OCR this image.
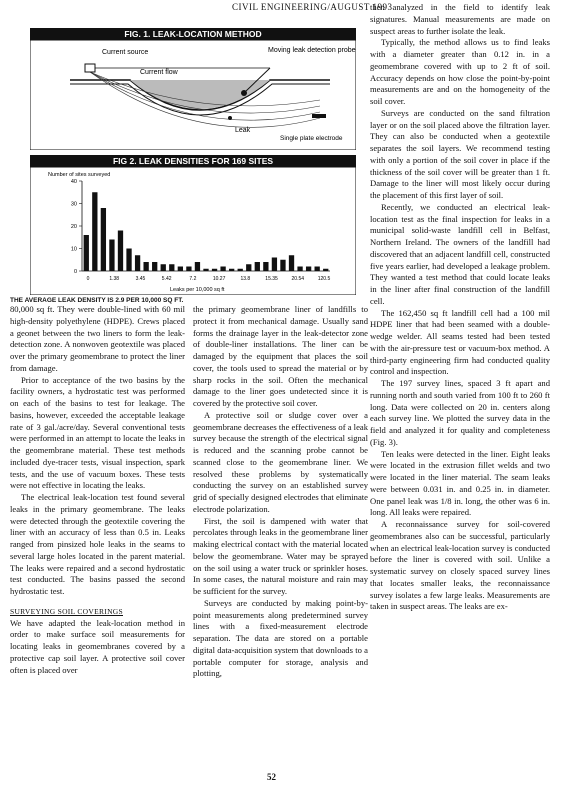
CIVIL ENGINEERING/AUGUST 1993
FIG. 1. LEAK-LOCATION METHOD
Current source
Current flow
Moving leak detection probe
Leak
Single plate electrode
FIG 2. LEAK DENSITIES FOR 169 SITES
Number of sites surveyed
0
10
20
30
40
0	1.38	3.45	5.42	7.2	10.27	13.8	15.35	20.54	120.5
Leaks per 10,000 sq ft
THE AVERAGE LEAK DENSITY IS 2.9 PER 10,000 SQ FT.

80,000 sq ft. They were double-lined with 60 mil high-density polyethylene (HDPE). Crews placed a geonet between the two liners to form the leak-detection zone. A nonwoven geotextile was placed over the primary geomembrane to protect the liner from damage.

Prior to acceptance of the two basins by the facility owners, a hydrostatic test was performed on each of the basins to test for leakage. The basins, however, exceeded the acceptable leakage rate of 3 gal./acre/day. Several conventional tests were performed in an attempt to locate the leaks in the geomembrane material. These test methods included dye-tracer tests, visual inspection, spark tests, and the use of vacuum boxes. These tests were not effective in locating the leaks.

The electrical leak-location test found several leaks in the primary geomembrane. The leaks were detected through the geotextile covering the liner with an accuracy of less than 0.5 in. Leaks ranged from pinsized hole leaks in the seams to several large holes located in the parent material. The leaks were repaired and a second hydrostatic test conducted. The basins passed the second hydrostatic test.

SURVEYING SOIL COVERINGS

We have adapted the leak-location method in order to make surface soil measurements for locating leaks in geomembranes covered by a protective cap soil layer. A protective soil cover often is placed over

the primary geomembrane liner of landfills to protect it from mechanical damage. Usually sand forms the drainage layer in the leak-detector zone of double-liner installations. The liner can be damaged by the equipment that places the soil cover, the tools used to spread the material or by sharp rocks in the soil. Often the mechanical damage to the liner goes undetected since it is covered by the protective soil cover.

A protective soil or sludge cover over a geomembrane decreases the effectiveness of a leak survey because the strength of the electrical signal is reduced and the scanning probe cannot be scanned close to the geomembrane liner. We resolved these problems by systematically conducting the survey on an established survey grid of specially designed electrodes that eliminate electrode polarization.

First, the soil is dampened with water that percolates through leaks in the geomembrane liner making electrical contact with the material located below the geomembrane. Water may be sprayed on the soil using a water truck or sprinkler hoses. In some cases, the natural moisture and rain may be sufficient for the survey.

Surveys are conducted by making point-by-point measurements along predetermined survey lines with a fixed-measurement electrode separation. The data are stored on a portable digital data-acquisition system that downloads to a portable computer for storage, analysis and plotting,

then analyzed in the field to identify leak signatures. Manual measurements are made on suspect areas to further isolate the leak.

Typically, the method allows us to find leaks with a diameter greater than 0.12 in. in a geomembrane covered with up to 2 ft of soil. Accuracy depends on how close the point-by-point measurements are and on the homogeneity of the soil cover.

Surveys are conducted on the sand filtration layer or on the soil placed above the filtration layer. They can also be conducted when a geotextile separates the soil layers. We recommend testing with only a portion of the soil cover in place if the thickness of the soil cover will be greater than 1 ft. Damage to the liner will most likely occur during the placement of this first layer of soil.

Recently, we conducted an electrical leak-location test as the final inspection for leaks in a municipal solid-waste landfill cell in Belfast, Northern Ireland. The owners of the landfill had discovered that an adjacent landfill cell, constructed five years earlier, had developed a leakage problem. They wanted a test method that could locate leaks in the liner after final construction of the landfill cell.

The 162,450 sq ft landfill cell had a 100 mil HDPE liner that had been seamed with a double-wedge welder. All seams tested had been tested with the air-pressure test or vacuum-box method. A third-party engineering firm had conducted quality control and inspection.

The 197 survey lines, spaced 3 ft apart and running north and south varied from 100 ft to 260 ft long. Data were collected on 20 in. centers along each survey line. We plotted the survey data in the field and analyzed it for quality and completeness (Fig. 3).

Ten leaks were detected in the liner. Eight leaks were located in the extrusion fillet welds and two were located in the liner material. The seam leaks were between 0.031 in. and 0.25 in. in diameter. One panel leak was 1/8 in. long, the other was 6 in. long. All leaks were repaired.

A reconnaissance survey for soil-covered geomembranes also can be successful, particularly when an electrical leak-location survey is conducted before the liner is covered with soil. Unlike a systematic survey on closely spaced survey lines that locates smaller leaks, the reconnaissance survey isolates a few large leaks. Measurements are taken in suspect areas. The leaks are ex-

52
